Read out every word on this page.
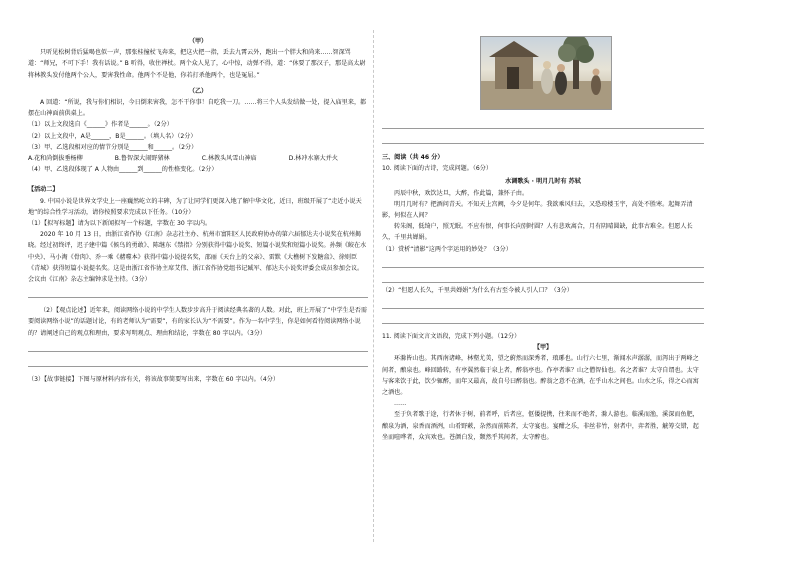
（甲）

只听见松树背后猛喝也似一声，那张桂撞杖飞奔来，把这火把一指，丢去九霄云外，跑出一个胖大和尚来……智深骂道：“师兄，不可下手！我有话说。” B 听得，收住禅杖。两个众人见了，心中惊，动弹不得，道：“休要了那汉子，那是高太尉将林教头发付他两个公人，要害我性命。他两个不是他，你若打杀他两个，也是冤屈。”

（乙）

A 回道：“所说，我与你们相识，今日倒来害我，怎不干你事！自吃我一刀。……将三个人头发结做一处，提入庙里来，都摆在山神面前供桌上。

（1）以上文段选自《______》作者是______。（2分）

（2）以上文段中，A是______，B是______。（填人名）（2分）

（3）甲、乙选段相对应的情节分别是______和______。（2分）

A.花和尚倒拔垂杨柳	B.鲁智深大闹野猪林	C.林教头风雪山神庙	D.林冲水寨大并火

（4）甲、乙选段体现了 A 人物由______到______的性格变化。（2分）

【活动二】

9. 中国小说是世界文学史上一座巍然屹立的丰碑，为了让同学们更深入地了解中华文化，近日，班级开展了“走近小说天地”的综合性学习活动，请你按照要求完成以下任务。（10分）

（1）【拟写标题】请为以下新闻拟写一个标题，字数在 30 字以内。

2020 年 10 月 13 日，由浙江省作协《江南》杂志社主办、杭州市富阳区人民政府协办的第六届郁达夫小说奖在杭州揭晓。经过初终评，迟子建中篇《候鸟的勇敢》、陈继东《禁指》分别获得中篇小说奖、短篇小说奖和短篇小说奖。孙频《鲛在水中央》、马小淘《骨肉》、乔一乘《赭噬本》获得中篇小说提名奖，邵丽《天台上的父亲》、雷默《大樵树下发糖盒》、徐则臣《青城》获得短篇小说提名奖。这是由浙江省作协主席艾伟、浙江省作协党组书记臧军、郁达夫小说奖评委会成员参加会议。会议由《江南》杂志主编钟求是主持。（3分）

（2）【观点论述】近年来，阅读网络小说的中学生人数步步高升于阅读经典名著的人数。对此，班上开展了“中学生是否需要阅读网络小说”的话题讨论，有的老师认为“需要”，有的家长认为“不需要”。作为一名中学生，你是如何看待阅读网络小说的？请阐述自己的观点和理由，要求写明观点、理由和结论，字数在 80 字以内。（3分）

（3）【故事链接】下图与原材料内容有关，将该故事简要写出来，字数在 60 字以内。（4分）

三、阅读（共 46 分）

10. 阅读下面的古诗，完成问题。（6分）

水调歌头 · 明月几时有 苏轼

丙辰中秋，欢饮达旦，大醉，作此篇，兼怀子由。

明月几时有？把酒问青天。不知天上宫阙，今夕是何年。我欲乘风归去，又恐琼楼玉宇，高处不胜寒。起舞弄清影，何似在人间？

转朱阁，低绮户，照无眠。不应有恨，何事长向别时圆？人有悲欢离合，月有阴晴圆缺，此事古难全。但愿人长久，千里共婵娟。

（1）赏析“清影”这两个字运用的妙处？（3分）

（2）“但愿人长久，千里共婵娟”为什么有古至今被人引人口？（3分）

11. 阅读下面文言文语段，完成下列小题。（12分）

【甲】

环滁皆山也。其西南诸峰，林壑尤美，望之蔚然而深秀者，琅琊也。山行六七里，渐闻水声潺潺，而泻出于两峰之间者，酿泉也。峰回路转，有亭翼然临于泉上者，醉翁亭也。作亭者谁？山之僧智仙也。名之者谁？太守自谓也。太守与客来饮于此，饮少辄醉，而年又最高，故自号曰醉翁也。醉翁之意不在酒，在乎山水之间也。山水之乐，得之心而寓之酒也。

……

至于负者歌于途，行者休于树，前者呼，后者应，伛偻提携，往来而不绝者，滁人游也。临溪而渔，溪深而鱼肥，酿泉为酒，泉香而酒洌，山肴野蔌，杂然而前陈者，太守宴也。宴酣之乐，非丝非竹，射者中，弈者胜，觥筹交错，起坐而喧哗者，众宾欢也。苍颜白发，颓然乎其间者，太守醉也。
